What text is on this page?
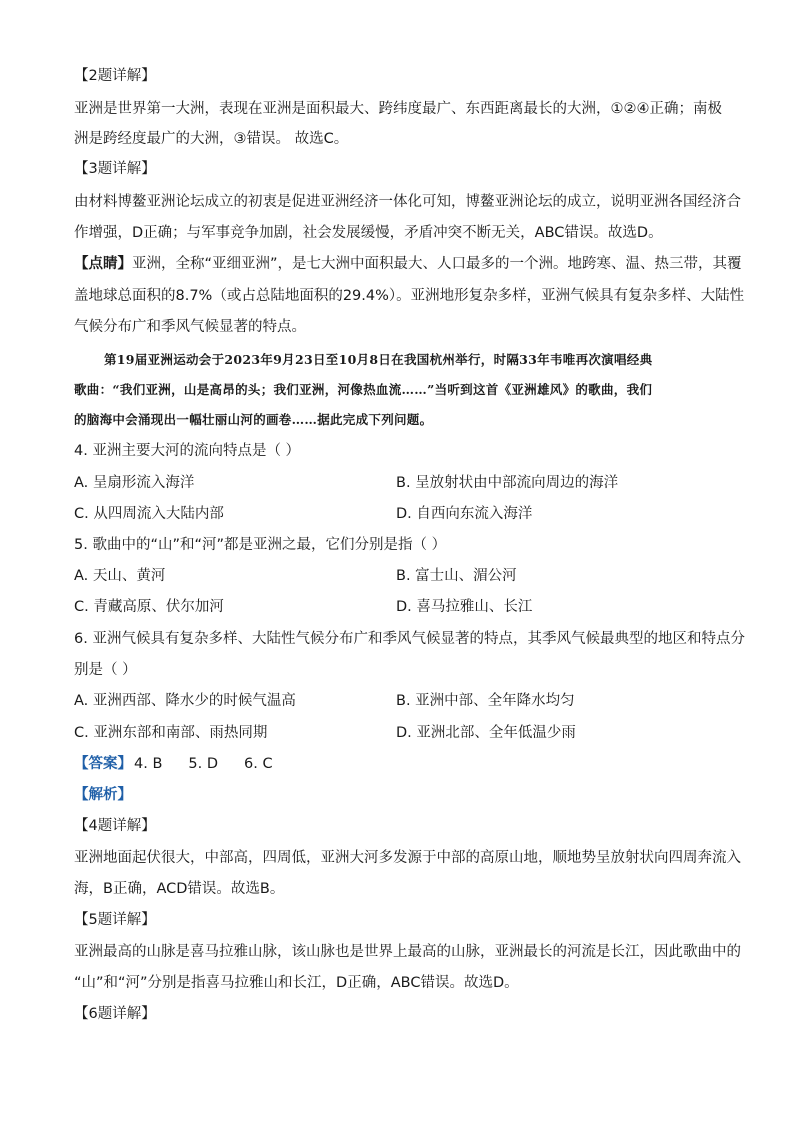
【2题详解】
亚洲是世界第一大洲，表现在亚洲是面积最大、跨纬度最广、东西距离最长的大洲，①②④正确；南极
洲是跨经度最广的大洲，③错误。 故选C。
【3题详解】
由材料博鳌亚洲论坛成立的初衷是促进亚洲经济一体化可知，博鳌亚洲论坛的成立，说明亚洲各国经济合
作增强，D正确；与军事竞争加剧，社会发展缓慢，矛盾冲突不断无关，ABC错误。故选D。
【点睛】亚洲，全称“亚细亚洲”，是七大洲中面积最大、人口最多的一个洲。地跨寒、温、热三带，其覆
盖地球总面积的8.7%（或占总陆地面积的29.4%）。亚洲地形复杂多样，亚洲气候具有复杂多样、大陆性
气候分布广和季风气候显著的特点。
第19届亚洲运动会于2023年9月23日至10月8日在我国杭州举行，时隔33年韦唯再次演唱经典
歌曲：“我们亚洲，山是高昂的头；我们亚洲，河像热血流……”当听到这首《亚洲雄风》的歌曲，我们
的脑海中会涌现出一幅壮丽山河的画卷……据此完成下列问题。
4. 亚洲主要大河的流向特点是（ ）
A. 呈扇形流入海洋	B. 呈放射状由中部流向周边的海洋
C. 从四周流入大陆内部	D. 自西向东流入海洋
5. 歌曲中的“山”和“河”都是亚洲之最，它们分别是指（ ）
A. 天山、黄河	B. 富士山、湄公河
C. 青藏高原、伏尔加河	D. 喜马拉雅山、长江
6. 亚洲气候具有复杂多样、大陆性气候分布广和季风气候显著的特点，其季风气候最典型的地区和特点分
别是（ ）
A. 亚洲西部、降水少的时候气温高	B. 亚洲中部、全年降水均匀
C. 亚洲东部和南部、雨热同期	D. 亚洲北部、全年低温少雨
【答案】 4. B 5. D 6. C
【解析】
【4题详解】
亚洲地面起伏很大，中部高，四周低，亚洲大河多发源于中部的高原山地，顺地势呈放射状向四周奔流入
海，B正确，ACD错误。故选B。
【5题详解】
亚洲最高的山脉是喜马拉雅山脉，该山脉也是世界上最高的山脉，亚洲最长的河流是长江，因此歌曲中的
“山”和“河”分别是指喜马拉雅山和长江，D正确，ABC错误。故选D。
【6题详解】
